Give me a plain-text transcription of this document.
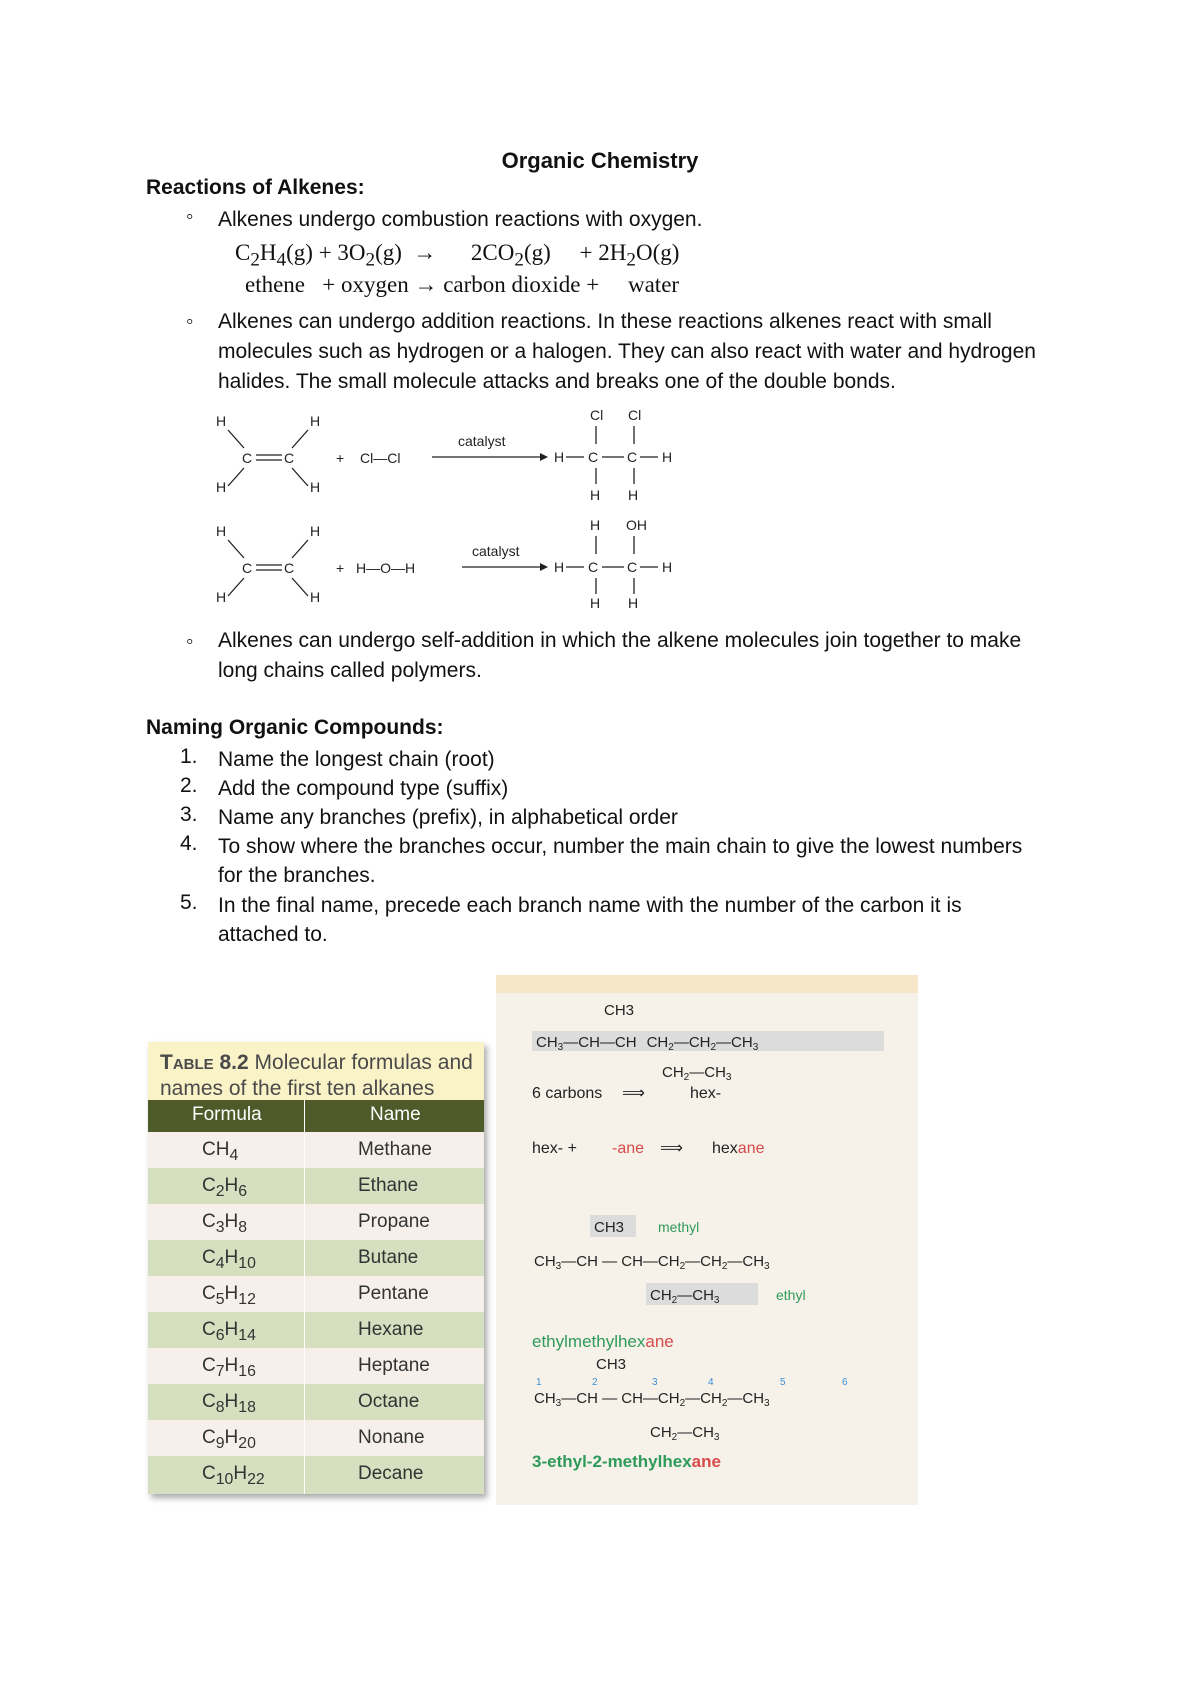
Organic Chemistry
Reactions of Alkenes:
◦ Alkenes undergo combustion reactions with oxygen.
$C_2H_4(g) + 3O_2(g)$  →      $2CO_2(g)$     + $2H_2O(g)$
ethene   + oxygen → carbon dioxide +     water
◦ Alkenes can undergo addition reactions. In these reactions alkenes react with small molecules such as hydrogen or a halogen. They can also react with water and hydrogen halides. The small molecule attacks and breaks one of the double bonds.
H	H
H	H
C C	+ Cl—Cl
catalyst
Cl Cl
H C C H
H H
H	H
H	H
C C	+ H—O—H
catalyst
H OH
H C C H
H H
◦ Alkenes can undergo self-addition in which the alkene molecules join together to make long chains called polymers.
Naming Organic Compounds:
1. Name the longest chain (root)
2. Add the compound type (suffix)
3. Name any branches (prefix), in alphabetical order
4. To show where the branches occur, number the main chain to give the lowest numbers for the branches.
5. In the final name, precede each branch name with the number of the carbon it is attached to.
Table 8.2 Molecular formulas and names of the first ten alkanes
Formula	Name
$CH_4$	Methane
$C_2H_6$	Ethane
$C_3H_8$	Propane
$C_4H_{10}$	Butane
$C_5H_{12}$	Pentane
$C_6H_{14}$	Hexane
$C_7H_{16}$	Heptane
$C_8H_{18}$	Octane
$C_9H_{20}$	Nonane
$C_{10}H_{22}$	Decane
CH3
$CH_3—CH—CH$ $CH_2—CH_2—CH_3$
$CH_2—CH_3$
6 carbons ⟹	hex-
hex- + -ane ⟹ hexane
CH3 methyl
$CH_3—CH$ — $CH—CH_2—CH_2—CH_3$
$CH_2—CH_3$	ethyl
ethylmethylhexane
CH3
1	2	3	4	5	6
$CH_3—CH$ — $CH—CH_2—CH_2—CH_3$
$CH_2—CH_3$
3-ethyl-2-methylhexane
